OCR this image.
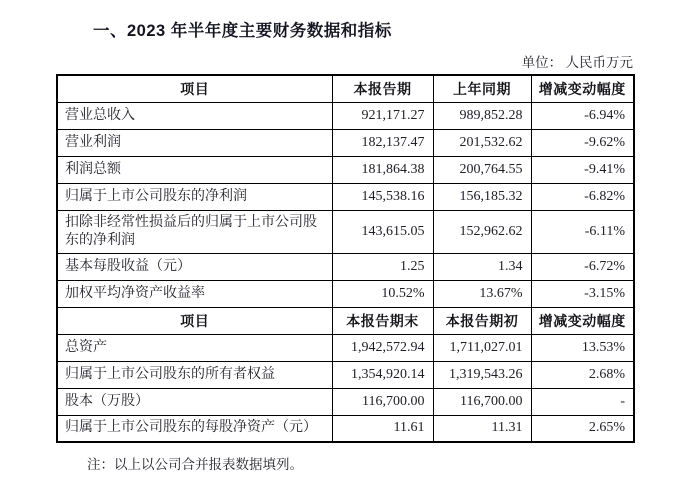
一、2023 年半年度主要财务数据和指标
单位： 人民币万元
项目	本报告期	上年同期	增减变动幅度
营业总收入	921,171.27	989,852.28	-6.94%
营业利润	182,137.47	201,532.62	-9.62%
利润总额	181,864.38	200,764.55	-9.41%
归属于上市公司股东的净利润	145,538.16	156,185.32	-6.82%
扣除非经常性损益后的归属于上市公司股东的净利润	143,615.05	152,962.62	-6.11%
基本每股收益（元）	1.25	1.34	-6.72%
加权平均净资产收益率	10.52%	13.67%	-3.15%
项目	本报告期末	本报告期初	增减变动幅度
总资产	1,942,572.94	1,711,027.01	13.53%
归属于上市公司股东的所有者权益	1,354,920.14	1,319,543.26	2.68%
股本（万股）	116,700.00	116,700.00	-
归属于上市公司股东的每股净资产（元）	11.61	11.31	2.65%
注：以上以公司合并报表数据填列。
